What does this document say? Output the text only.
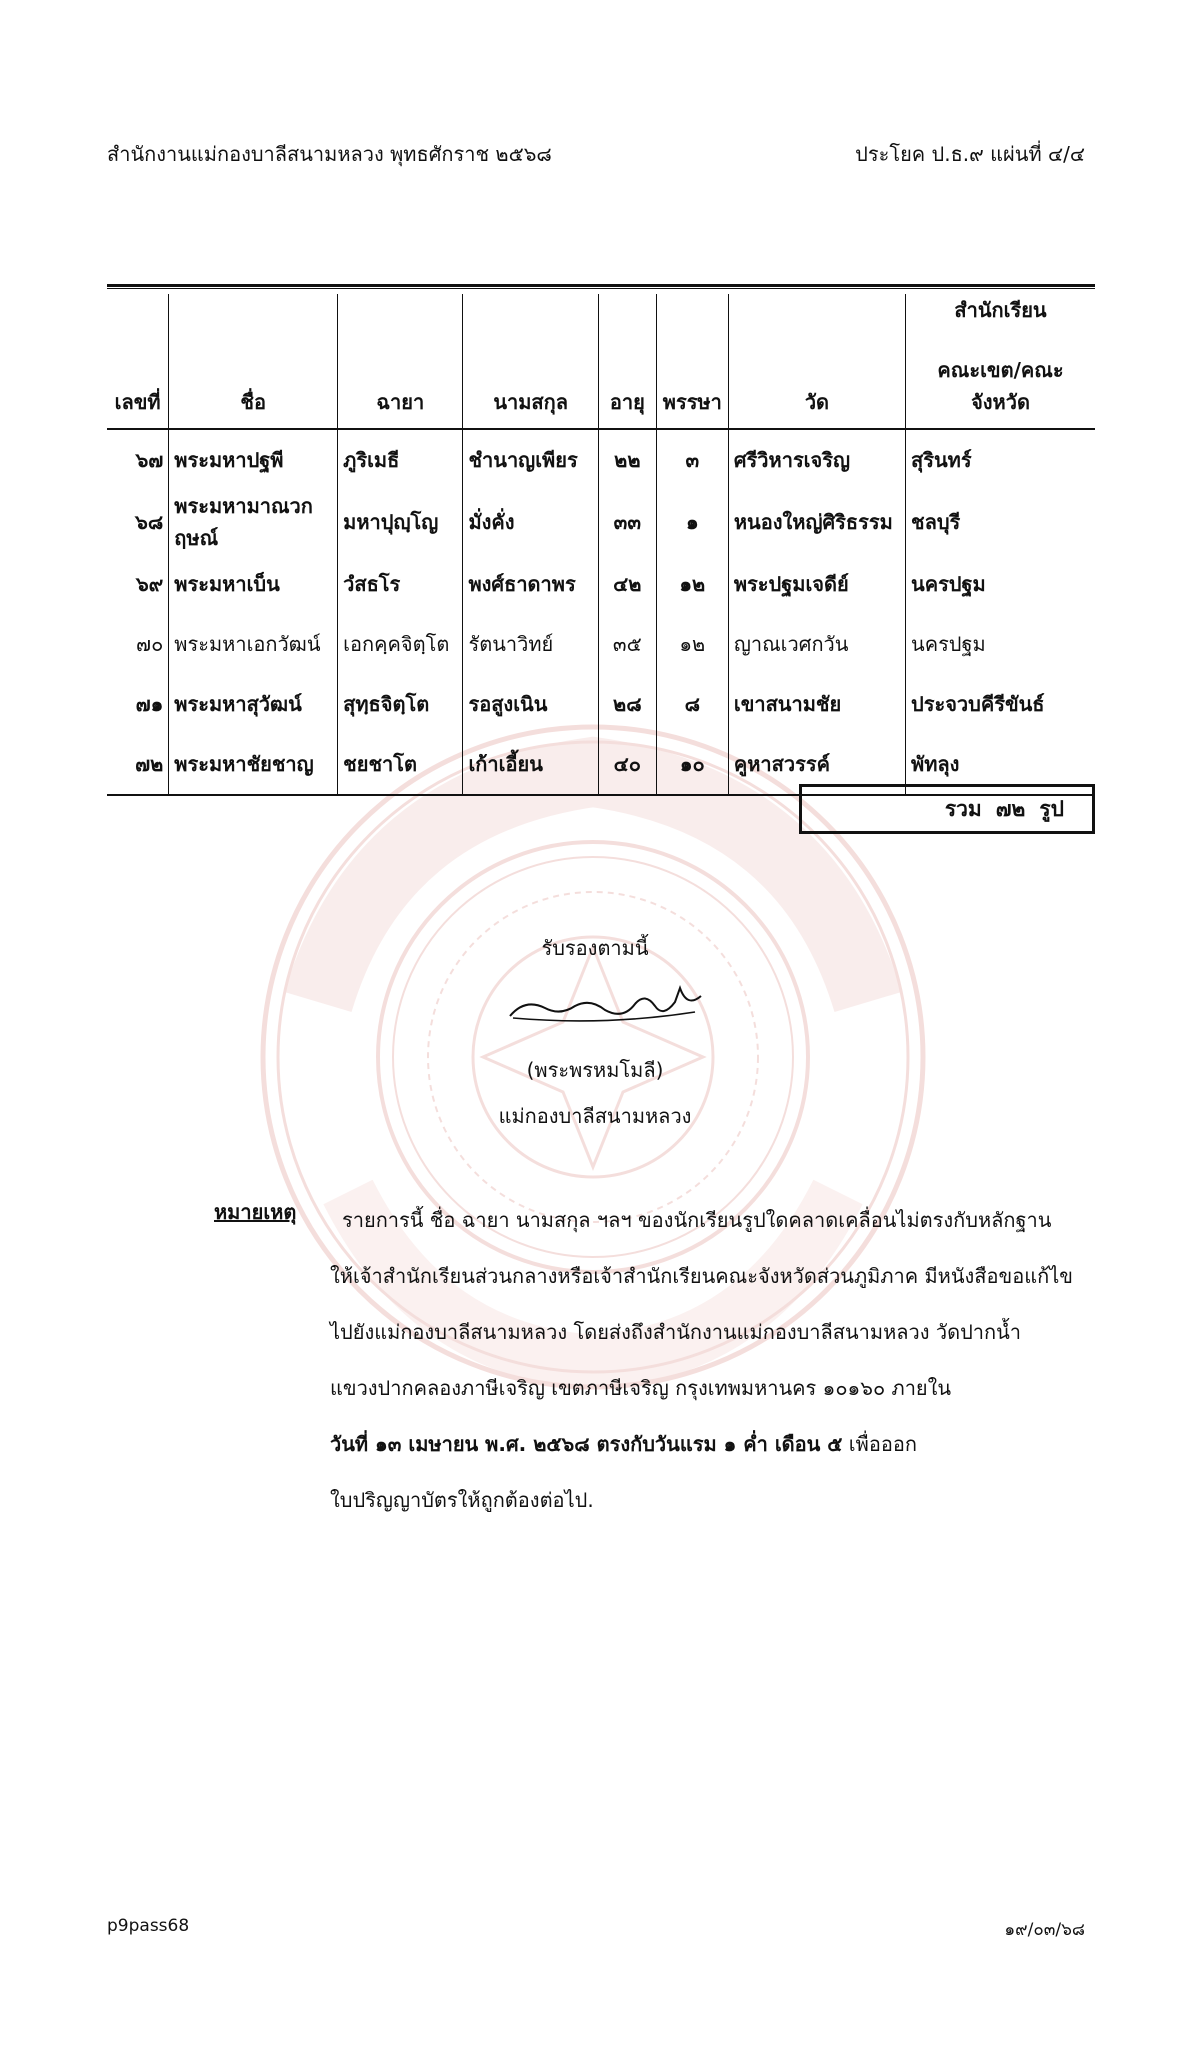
สำนักงานแม่กองบาลีสนามหลวง พุทธศักราช ๒๕๖๘	ประโยค ป.ธ.๙ แผ่นที่ ๔/๔
เลขที่	ชื่อ	ฉายา	นามสกุล	อายุ	พรรษา	วัด	สำนักเรียน
คณะเขต/คณะจังหวัด
๖๗	พระมหาปฐพี	ภูริเมธี	ชำนาญเพียร	๒๒	๓	ศรีวิหารเจริญ	สุรินทร์
๖๘	พระมหามาณวกฤษณ์	มหาปุญฺโญ	มั่งคั่ง	๓๓	๑	หนองใหญ่ศิริธรรม	ชลบุรี
๖๙	พระมหาเบ็น	วํสธโร	พงศ์ธาดาพร	๔๒	๑๒	พระปฐมเจดีย์	นครปฐม
๗๐	พระมหาเอกวัฒน์	เอกคฺคจิตฺโต	รัตนาวิทย์	๓๕	๑๒	ญาณเวศกวัน	นครปฐม
๗๑	พระมหาสุวัฒน์	สุทฺธจิตฺโต	รอสูงเนิน	๒๘	๘	เขาสนามชัย	ประจวบคีรีขันธ์
๗๒	พระมหาชัยชาญ	ชยชาโต	เก้าเอี้ยน	๔๐	๑๐	คูหาสวรรค์	พัทลุง
รวม ๗๒ รูป
รับรองตามนี้
(พระพรหมโมลี)
แม่กองบาลีสนามหลวง
หมายเหตุ	รายการนี้ ชื่อ ฉายา นามสกุล ฯลฯ ของนักเรียนรูปใดคลาดเคลื่อนไม่ตรงกับหลักฐาน
ให้เจ้าสำนักเรียนส่วนกลางหรือเจ้าสำนักเรียนคณะจังหวัดส่วนภูมิภาค มีหนังสือขอแก้ไข
ไปยังแม่กองบาลีสนามหลวง โดยส่งถึงสำนักงานแม่กองบาลีสนามหลวง วัดปากน้ำ
แขวงปากคลองภาษีเจริญ เขตภาษีเจริญ กรุงเทพมหานคร ๑๐๑๖๐ ภายใน
วันที่ ๑๓ เมษายน พ.ศ. ๒๕๖๘ ตรงกับวันแรม ๑ ค่ำ เดือน ๕ เพื่อออก
ใบปริญญาบัตรให้ถูกต้องต่อไป.
p9pass68	๑๙/๐๓/๖๘
